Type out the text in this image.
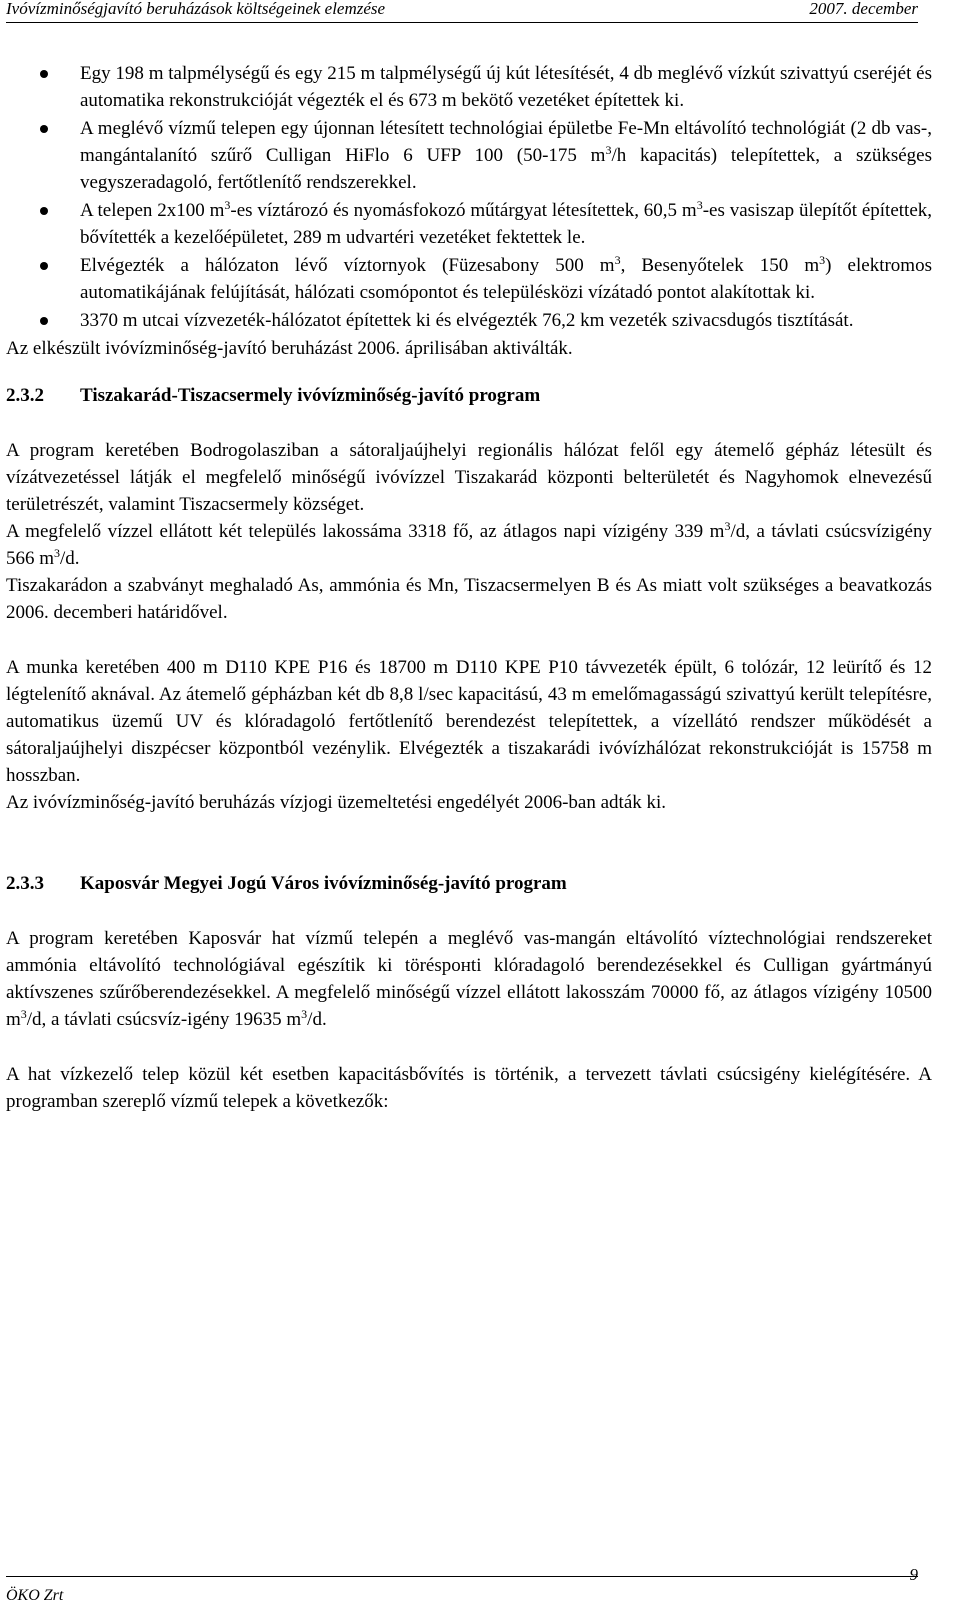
Ivóvízminőségjavító beruházások költségeinek elemzése	2007. december
Egy 198 m talpmélységű és egy 215 m talpmélységű új kút létesítését, 4 db meglévő vízkút szivattyú cseréjét és automatika rekonstrukcióját végezték el és 673 m bekötő vezetéket építettek ki.
A meglévő vízmű telepen egy újonnan létesített technológiai épületbe Fe-Mn eltávolító technológiát (2 db vas-, mangántalanító szűrő Culligan HiFlo 6 UFP 100 (50-175 $m^3/h$ kapacitás) telepítettek, a szükséges vegyszeradagoló, fertőtlenítő rendszerekkel.
A telepen 2x100 $m^3-es$ víztározó és nyomásfokozó műtárgyat létesítettek, 60,5 $m^3-es$ vasiszap ülepítőt építettek, bővítették a kezelőépületet, 289 m udvartéri vezetéket fektettek le.
Elvégezték a hálózaton lévő víztornyok (Füzesabony 500 $m^3$, Besenyőtelek 150 $m^3$) elektromos automatikájának felújítását, hálózati csomópontot és településközi vízátadó pontot alakítottak ki.
3370 m utcai vízvezeték-hálózatot építettek ki és elvégezték 76,2 km vezeték szivacsdugós tisztítását.

Az elkészült ivóvízminőség-javító beruházást 2006. áprilisában aktiválták.

2.3.2 Tiszakarád-Tiszacsermely ivóvízminőség-javító program

A program keretében Bodrogolasziban a sátoraljaújhelyi regionális hálózat felől egy átemelő gépház létesült és vízátvezetéssel látják el megfelelő minőségű ivóvízzel Tiszakarád központi belterületét és Nagyhomok elnevezésű területrészét, valamint Tiszacsermely községet.

A megfelelő vízzel ellátott két település lakossáma 3318 fő, az átlagos napi vízigény 339 $m^3/d$, a távlati csúcsvízigény 566 $m^3/d$.

Tiszakarádon a szabványt meghaladó As, ammónia és Mn, Tiszacsermelyen B és As miatt volt szükséges a beavatkozás 2006. decemberi határidővel.

A munka keretében 400 m D110 KPE P16 és 18700 m D110 KPE P10 távvezeték épült, 6 tolózár, 12 leürítő és 12 légtelenítő aknával. Az átemelő gépházban két db 8,8 l/sec kapacitású, 43 m emelőmagasságú szivattyú került telepítésre, automatikus üzemű UV és klóradagoló fertőtlenítő berendezést telepítettek, a vízellátó rendszer működését a sátoraljaújhelyi diszpécser központból vezénylik. Elvégezték a tiszakarádi ivóvízhálózat rekonstrukcióját is 15758 m hosszban.

Az ivóvízminőség-javító beruházás vízjogi üzemeltetési engedélyét 2006-ban adták ki.

2.3.3 Kaposvár Megyei Jogú Város ivóvízminőség-javító program

A program keretében Kaposvár hat vízmű telepén a meglévő vas-mangán eltávolító víztechnológiai rendszereket ammónia eltávolító technológiával egészítik ki töréspонti klóradagoló berendezésekkel és Culligan gyártmányú aktívszenes szűrőberendezésekkel. A megfelelő minőségű vízzel ellátott lakosszám 70000 fő, az átlagos vízigény 10500 $m^3/d$, a távlati csúcsvíz-igény 19635 $m^3/d$.

A hat vízkezelő telep közül két esetben kapacitásbővítés is történik, a tervezett távlati csúcsigény kielégítésére. A programban szereplő vízmű telepek a következők:

ÖKO Zrt
9
